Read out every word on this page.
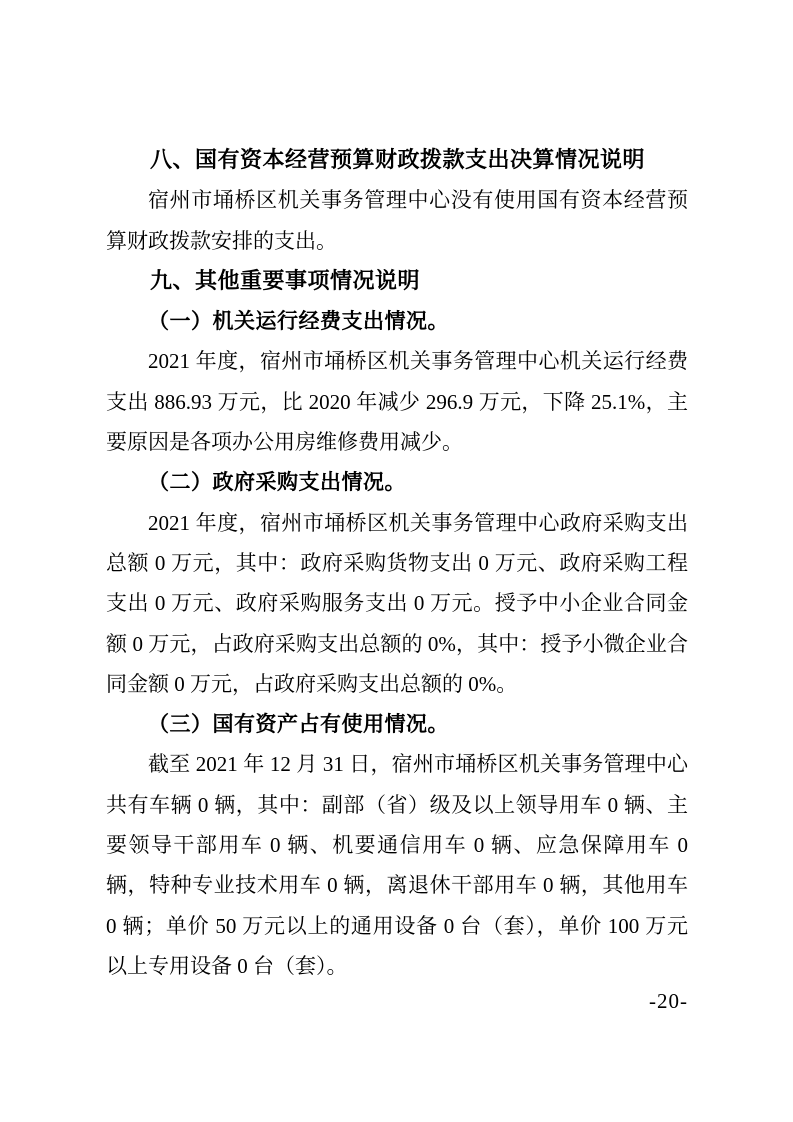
八、国有资本经营预算财政拨款支出决算情况说明

宿州市埇桥区机关事务管理中心没有使用国有资本经营预算财政拨款安排的支出。

九、其他重要事项情况说明
（一）机关运行经费支出情况。

2021 年度，宿州市埇桥区机关事务管理中心机关运行经费支出 886.93 万元，比 2020 年减少 296.9 万元，下降 25.1%，主要原因是各项办公用房维修费用减少。

（二）政府采购支出情况。

2021 年度，宿州市埇桥区机关事务管理中心政府采购支出总额 0 万元，其中：政府采购货物支出 0 万元、政府采购工程支出 0 万元、政府采购服务支出 0 万元。授予中小企业合同金额 0 万元，占政府采购支出总额的 0%，其中：授予小微企业合同金额 0 万元，占政府采购支出总额的 0%。

（三）国有资产占有使用情况。

截至 2021 年 12 月 31 日，宿州市埇桥区机关事务管理中心共有车辆 0 辆，其中：副部（省）级及以上领导用车 0 辆、主要领导干部用车 0 辆、机要通信用车 0 辆、应急保障用车 0 辆，特种专业技术用车 0 辆，离退休干部用车 0 辆，其他用车 0 辆；单价 50 万元以上的通用设备 0 台（套），单价 100 万元以上专用设备 0 台（套）。

-20-
